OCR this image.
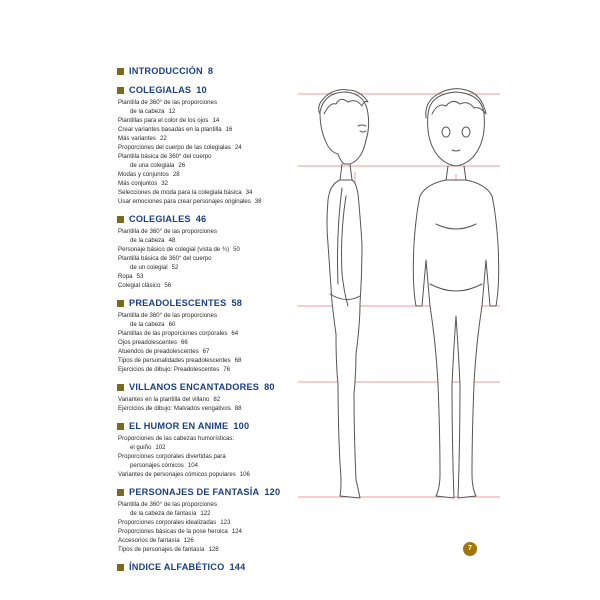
INTRODUCCIÓN 8
COLEGIALAS 10
Plantilla de 360° de las proporciones
de la cabeza 12
Plantillas para el color de los ojos 14
Crear variantes basadas en la plantilla 16
Más variantes 22
Proporciones del cuerpo de las colegialas 24
Plantilla básica de 360° del cuerpo
de una colegiala 26
Modas y conjuntos 28
Más conjuntos 32
Selecciones de moda para la colegiala básica 34
Usar emociones para crear personajes originales 38
COLEGIALES 46
Plantilla de 360° de las proporciones
de la cabeza 48
Personaje básico de colegial (vista de ¾) 50
Plantilla básica de 360° del cuerpo
de un colegial 52
Ropa 53
Colegial clásico 56
PREADOLESCENTES 58
Plantilla de 360° de las proporciones
de la cabeza 60
Plantillas de las proporciones corporales 64
Ojos preadolescentes 66
Atuendos de preadolescentes 67
Tipos de personalidades preadolescentes 68
Ejercicios de dibujo: Preadolescentes 76
VILLANOS ENCANTADORES 80
Variantes en la plantilla del villano 82
Ejercicios de dibujo: Malvados vengativos 88
EL HUMOR EN ANIME 100
Proporciones de las cabezas humorísticas:
el guiño 102
Proporciones corporales divertidas para
personajes cómicos 104
Variantes de personajes cómicos populares 106
PERSONAJES DE FANTASÍA 120
Plantilla de 360° de las proporciones
de la cabeza de fantasía 122
Proporciones corporales idealizadas 123
Proporciones básicas de la pose heroica 124
Accesorios de fantasía 126
Tipos de personajes de fantasía 128
ÍNDICE ALFABÉTICO 144
7
